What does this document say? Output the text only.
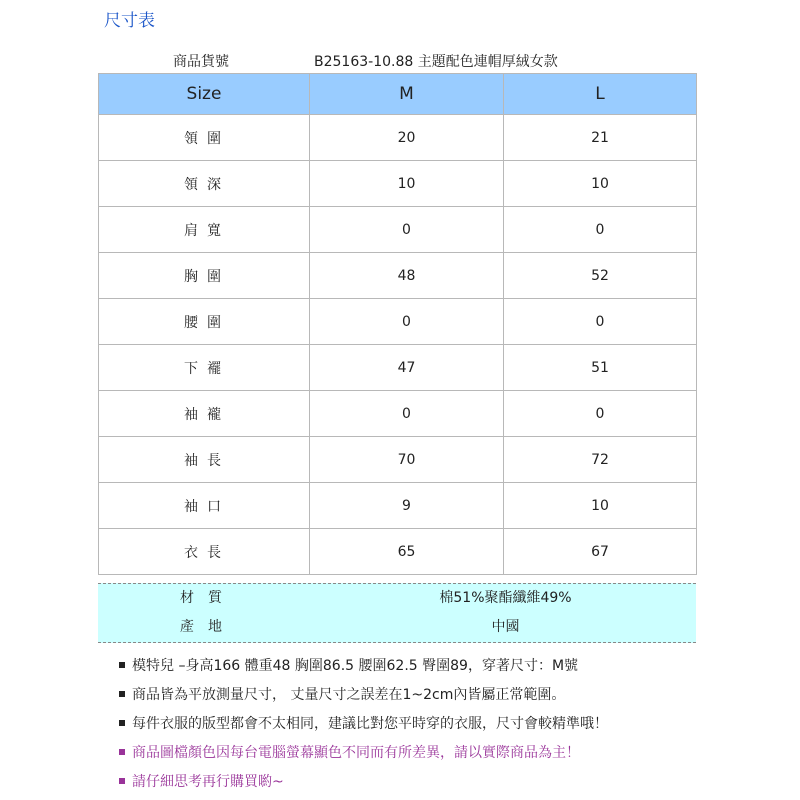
尺寸表
商品貨號	B25163-10.88 主題配色連帽厚絨女款
Size	M	L
領圍	20	21
領深	10	10
肩寬	0	0
胸圍	48	52
腰圍	0	0
下襬	47	51
袖襱	0	0
袖長	70	72
袖口	9	10
衣長	65	67
材質	棉51%聚酯纖維49%
產地	中國
模特兒 –身高166 體重48 胸圍86.5 腰圍62.5 臀圍89，穿著尺寸：M號
商品皆為平放測量尺寸， 丈量尺寸之誤差在1~2cm內皆屬正常範圍。
每件衣服的版型都會不太相同，建議比對您平時穿的衣服，尺寸會較精準哦！
商品圖檔顏色因每台電腦螢幕顯色不同而有所差異，請以實際商品為主！
請仔細思考再行購買喲~
